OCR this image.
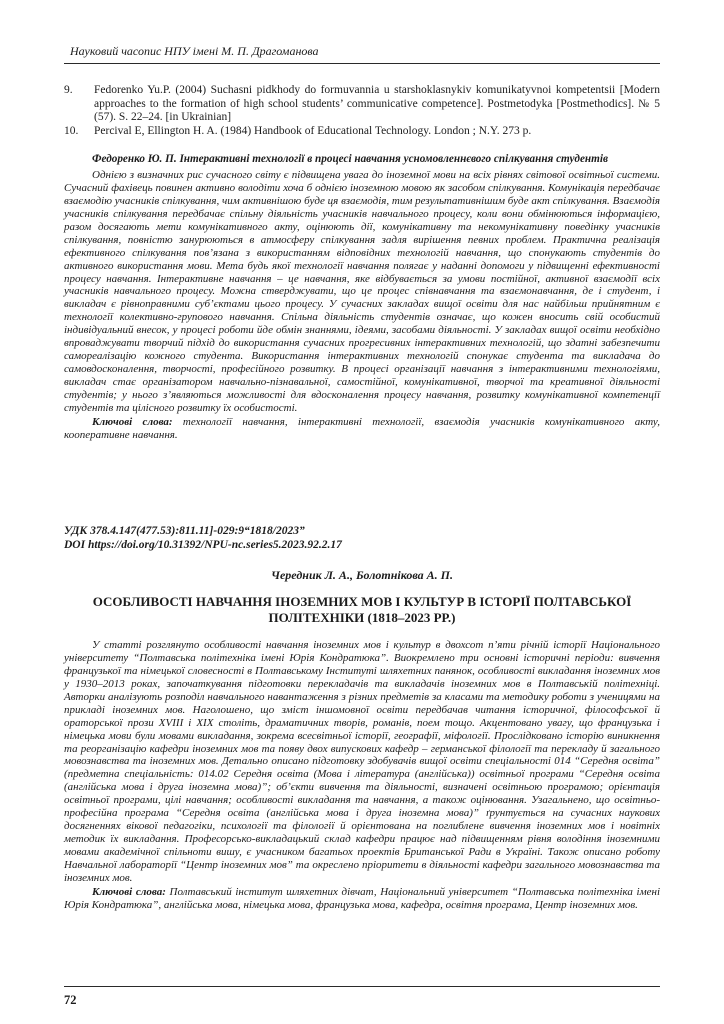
Науковий часопис НПУ імені М. П. Драгоманова
9.	Fedorenko Yu.P. (2004) Suchasni pidkhody do formuvannia u starshoklasnykiv komunikatyvnoi kompetentsii [Modern approaches to the formation of high school students’ communicative competence]. Postmetodyka [Postmethodics]. № 5 (57). S. 22–24. [in Ukrainian]
10.	Percival E, Ellington H. A. (1984) Handbook of Educational Technology. London ; N.Y. 273 p.
Федоренко Ю. П. Інтерактивні технології в процесі навчання усномовленнєвого спілкування студентів
Однією з визначних рис сучасного світу є підвищена увага до іноземної мови на всіх рівнях світової освітньої системи. Сучасний фахівець повинен активно володіти хоча б однією іноземною мовою як засобом спілкування. Комунікація передбачає взаємодію учасників спілкування, чим активнішою буде ця взаємодія, тим результативнішим буде акт спілкування. Взаємодія учасників спілкування передбачає спільну діяльність учасників навчального процесу, коли вони обмінюються інформацією, разом досягають мети комунікативного акту, оцінюють дії, комунікативну та некомунікативну поведінку учасників спілкування, повністю занурюються в атмосферу спілкування задля вирішення певних проблем. Практична реалізація ефективного спілкування пов’язана з використанням відповідних технологій навчання, що спонукають студентів до активного використання мови. Мета будь якої технології навчання полягає у наданні допомоги у підвищенні ефективності процесу навчання. Інтерактивне навчання – це навчання, яке відбувається за умови постійної, активної взаємодії всіх учасників навчального процесу. Можна стверджувати, що це процес співнавчання та взаємонавчання, де і студент, і викладач є рівноправними суб’єктами цього процесу. У сучасних закладах вищої освіти для нас найбільш прийнятним є технології колективно-групового навчання. Спільна діяльність студентів означає, що кожен вносить свій особистий індивідуальний внесок, у процесі роботи йде обмін знаннями, ідеями, засобами діяльності. У закладах вищої освіти необхідно впроваджувати творчий підхід до використання сучасних прогресивних інтерактивних технологій, що здатні забезпечити самореалізацію кожного студента. Використання інтерактивних технологій спонукає студента та викладача до самовдосконалення, творчості, професійного розвитку. В процесі організації навчання з інтерактивними технологіями, викладач стає організатором навчально-пізнавальної, самостійної, комунікативної, творчої та креативної діяльності студентів; у нього з’являються можливості для вдосконалення процесу навчання, розвитку комунікативної компетенції студентів та цілісного розвитку їх особистості.
Ключові слова: технології навчання, інтерактивні технології, взаємодія учасників комунікативного акту, кооперативне навчання.
УДК 378.4.147(477.53):811.11]-029:9“1818/2023”
DOI https://doi.org/10.31392/NPU-nc.series5.2023.92.2.17
Чередник Л. А., Болотнікова А. П.
ОСОБЛИВОСТІ НАВЧАННЯ ІНОЗЕМНИХ МОВ І КУЛЬТУР В ІСТОРІЇ ПОЛТАВСЬКОЇ ПОЛІТЕХНІКИ (1818–2023 РР.)
У статті розглянуто особливості навчання іноземних мов і культур в двохсот п’яти річній історії Національного університету “Полтавська політехніка імені Юрія Кондратюка”. Виокремлено три основні історичні періоди: вивчення французької та німецької словесності в Полтавському Інституті шляхетних панянок, особливості викладання іноземних мов у 1930–2013 роках, започаткування підготовки перекладачів та викладачів іноземних мов в Полтавській політехніці. Авторки аналізують розподіл навчального навантаження з різних предметів за класами та методику роботи з ученицями на прикладі іноземних мов. Наголошено, що зміст іншомовної освіти передбачав читання історичної, філософської й ораторської прози XVIII і XIX століть, драматичних творів, романів, поем тощо. Акцентовано увагу, що французька і німецька мови були мовами викладання, зокрема всесвітньої історії, географії, міфології. Прослідковано історію виникнення та реорганізацію кафедри іноземних мов та появу двох випускових кафедр – германської філології та перекладу й загального мовознавства та іноземних мов. Детально описано підготовку здобувачів вищої освіти спеціальності 014 “Середня освіта” (предметна спеціальність: 014.02 Середня освіта (Мова і література (англійська)) освітньої програми “Середня освіта (англійська мова і друга іноземна мова)”; об’єкти вивчення та діяльності, визначені освітньою програмою; орієнтація освітньої програми, цілі навчання; особливості викладання та навчання, а також оцінювання. Узагальнено, що освітньо-професійна програма “Середня освіта (англійська мова і друга іноземна мова)” ґрунтується на сучасних наукових досягненнях вікової педагогіки, психології та філології й орієнтована на поглиблене вивчення іноземних мов і новітніх методик їх викладання. Професорсько-викладацький склад кафедри працює над підвищенням рівня володіння іноземними мовами академічної спільноти вишу, є учасником багатьох проектів Британської Ради в Україні. Також описано роботу Навчальної лабораторії “Центр іноземних мов” та окреслено пріоритети в діяльності кафедри загального мовознавства та іноземних мов.
Ключові слова: Полтавський інститут шляхетних дівчат, Національний університет “Полтавська політехніка імені Юрія Кондратюка”, англійська мова, німецька мова, французька мова, кафедра, освітня програма, Центр іноземних мов.
72
